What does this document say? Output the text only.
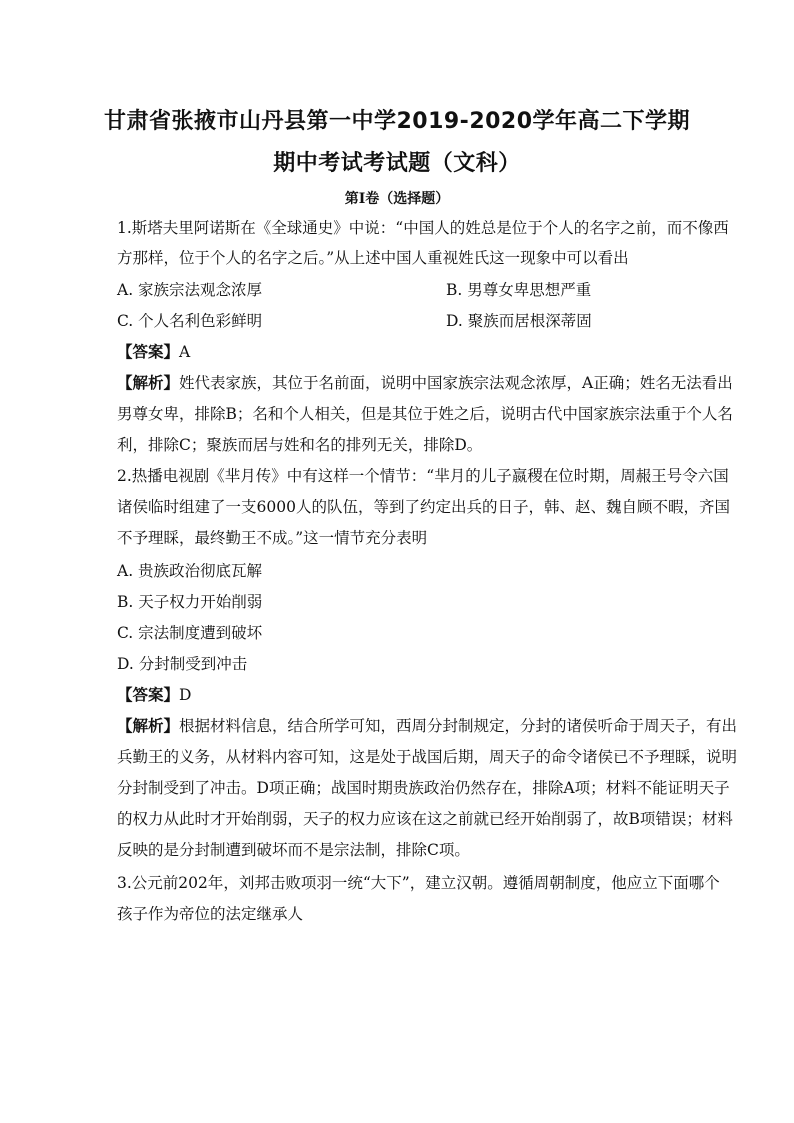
甘肃省张掖市山丹县第一中学2019-2020学年高二下学期
期中考试考试题（文科）
第Ⅰ卷（选择题）
1.斯塔夫里阿诺斯在《全球通史》中说：“中国人的姓总是位于个人的名字之前，而不像西
方那样，位于个人的名字之后。”从上述中国人重视姓氏这一现象中可以看出
A. 家族宗法观念浓厚	B. 男尊女卑思想严重
C. 个人名利色彩鲜明	D. 聚族而居根深蒂固
【答案】A
【解析】姓代表家族，其位于名前面，说明中国家族宗法观念浓厚，A正确；姓名无法看出
男尊女卑，排除B；名和个人相关，但是其位于姓之后，说明古代中国家族宗法重于个人名
利，排除C；聚族而居与姓和名的排列无关，排除D。
2.热播电视剧《芈月传》中有这样一个情节：“芈月的儿子嬴稷在位时期，周赧王号令六国
诸侯临时组建了一支6000人的队伍，等到了约定出兵的日子，韩、赵、魏自顾不暇，齐国
不予理睬，最终勤王不成。”这一情节充分表明
A. 贵族政治彻底瓦解
B. 天子权力开始削弱
C. 宗法制度遭到破坏
D. 分封制受到冲击
【答案】D
【解析】根据材料信息，结合所学可知，西周分封制规定，分封的诸侯听命于周天子，有出
兵勤王的义务，从材料内容可知，这是处于战国后期，周天子的命令诸侯已不予理睬，说明
分封制受到了冲击。D项正确；战国时期贵族政治仍然存在，排除A项；材料不能证明天子
的权力从此时才开始削弱，天子的权力应该在这之前就已经开始削弱了，故B项错误；材料
反映的是分封制遭到破坏而不是宗法制，排除C项。
3.公元前202年，刘邦击败项羽一统“大下”，建立汉朝。遵循周朝制度，他应立下面哪个
孩子作为帝位的法定继承人
